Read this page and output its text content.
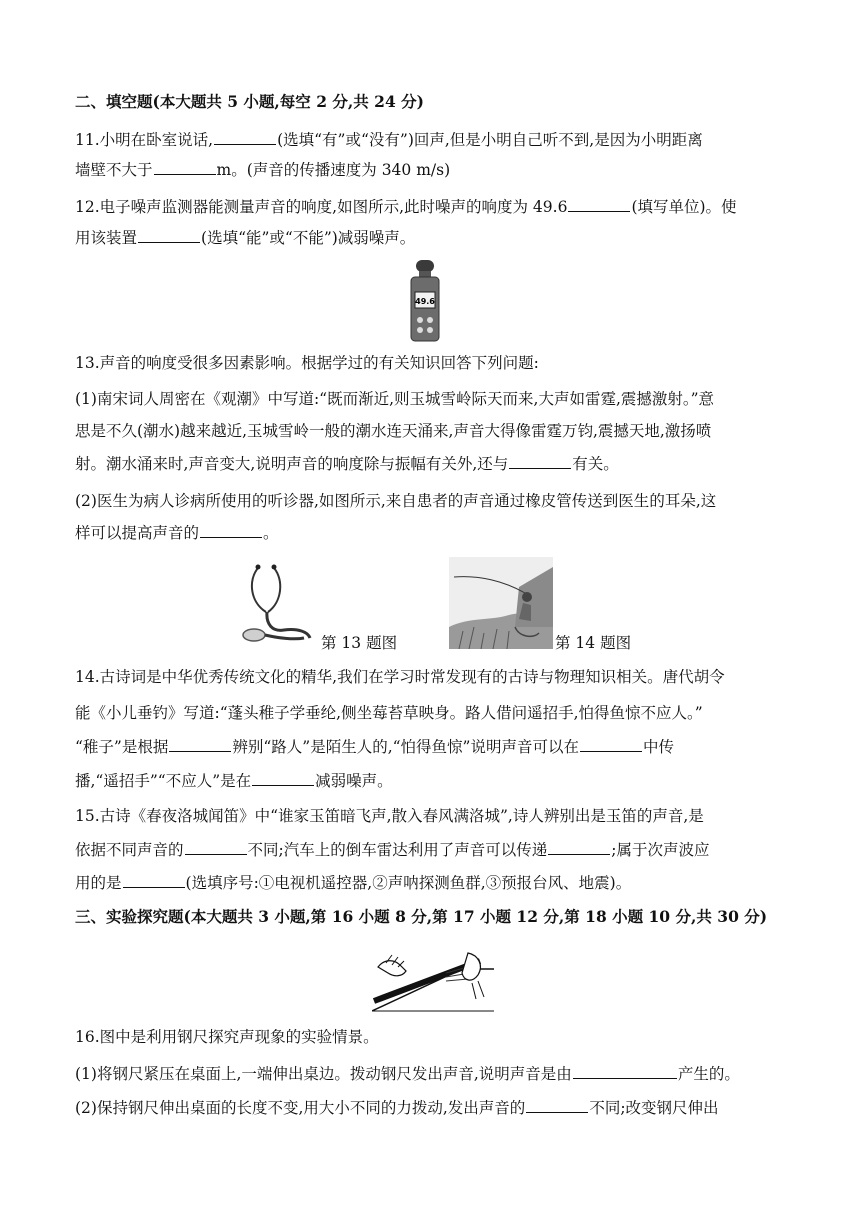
二、填空题(本大题共 5 小题,每空 2 分,共 24 分)
11.小明在卧室说话,	(选填“有”或“没有”)回声,但是小明自己听不到,是因为小明距离
墙壁不大于	m。(声音的传播速度为 340 m/s)
12.电子噪声监测器能测量声音的响度,如图所示,此时噪声的响度为 49.6	(填写单位)。使
用该装置	(选填“能”或“不能”)减弱噪声。
49.6
13.声音的响度受很多因素影响。根据学过的有关知识回答下列问题:
(1)南宋词人周密在《观潮》中写道:“既而渐近,则玉城雪岭际天而来,大声如雷霆,震撼激射。”意
思是不久(潮水)越来越近,玉城雪岭一般的潮水连天涌来,声音大得像雷霆万钧,震撼天地,激扬喷
射。潮水涌来时,声音变大,说明声音的响度除与振幅有关外,还与	有关。
(2)医生为病人诊病所使用的听诊器,如图所示,来自患者的声音通过橡皮管传送到医生的耳朵,这
样可以提高声音的	。
第 13 题图	第 14 题图
14.古诗词是中华优秀传统文化的精华,我们在学习时常发现有的古诗与物理知识相关。唐代胡令
能《小儿垂钓》写道:“蓬头稚子学垂纶,侧坐莓苔草映身。路人借问遥招手,怕得鱼惊不应人。”
“稚子”是根据	辨别“路人”是陌生人的,“怕得鱼惊”说明声音可以在	中传
播,“遥招手”“不应人”是在	减弱噪声。
15.古诗《春夜洛城闻笛》中“谁家玉笛暗飞声,散入春风满洛城”,诗人辨别出是玉笛的声音,是
依据不同声音的	不同;汽车上的倒车雷达利用了声音可以传递	;属于次声波应
用的是	(选填序号:①电视机遥控器,②声呐探测鱼群,③预报台风、地震)。
三、实验探究题(本大题共 3 小题,第 16 小题 8 分,第 17 小题 12 分,第 18 小题 10 分,共 30 分)
16.图中是利用钢尺探究声现象的实验情景。
(1)将钢尺紧压在桌面上,一端伸出桌边。拨动钢尺发出声音,说明声音是由	产生的。
(2)保持钢尺伸出桌面的长度不变,用大小不同的力拨动,发出声音的	不同;改变钢尺伸出
